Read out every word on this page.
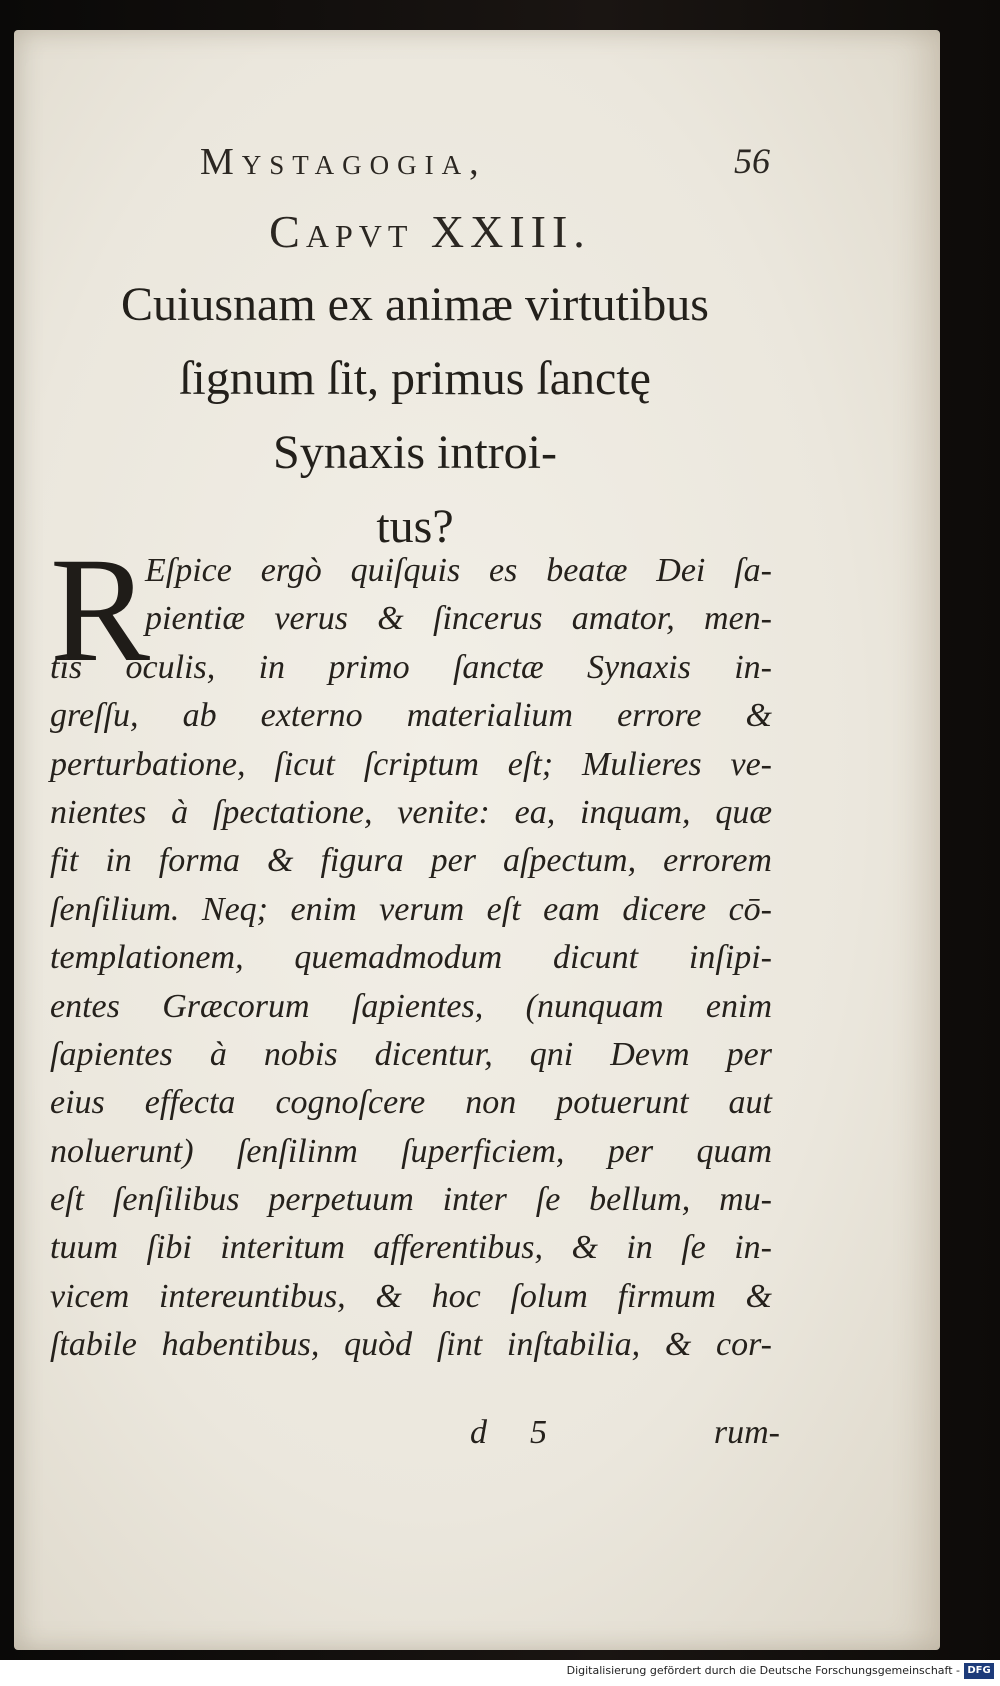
Mystagogia,	56
Capvt XXIII.
Cuiusnam ex animæ virtutibus
ſignum ſit, primus ſanctę
Synaxis introi-
tus?
R
Eſpice ergò quiſquis es beatæ Dei ſa-
pientiæ verus & ſincerus amator, men-
tis oculis, in primo ſanctæ Synaxis in-
greſſu, ab externo materialium errore &
perturbatione, ſicut ſcriptum eſt; Mulieres ve-
nientes à ſpectatione, venite: ea, inquam, quæ
fit in forma & figura per aſpectum, errorem
ſenſilium. Neq; enim verum eſt eam dicere cō-
templationem, quemadmodum dicunt inſipi-
entes Græcorum ſapientes, (nunquam enim
ſapientes à nobis dicentur, qni Devm per
eius effecta cognoſcere non potuerunt aut
noluerunt) ſenſilinm ſuperficiem, per quam
eſt ſenſilibus perpetuum inter ſe bellum, mu-
tuum ſibi interitum afferentibus, & in ſe in-
vicem intereuntibus, & hoc ſolum firmum &
ſtabile habentibus, quòd ſint inſtabilia, & cor-
d 5	rum-
Digitalisierung gefördert durch die Deutsche Forschungsgemeinschaft - DFG
